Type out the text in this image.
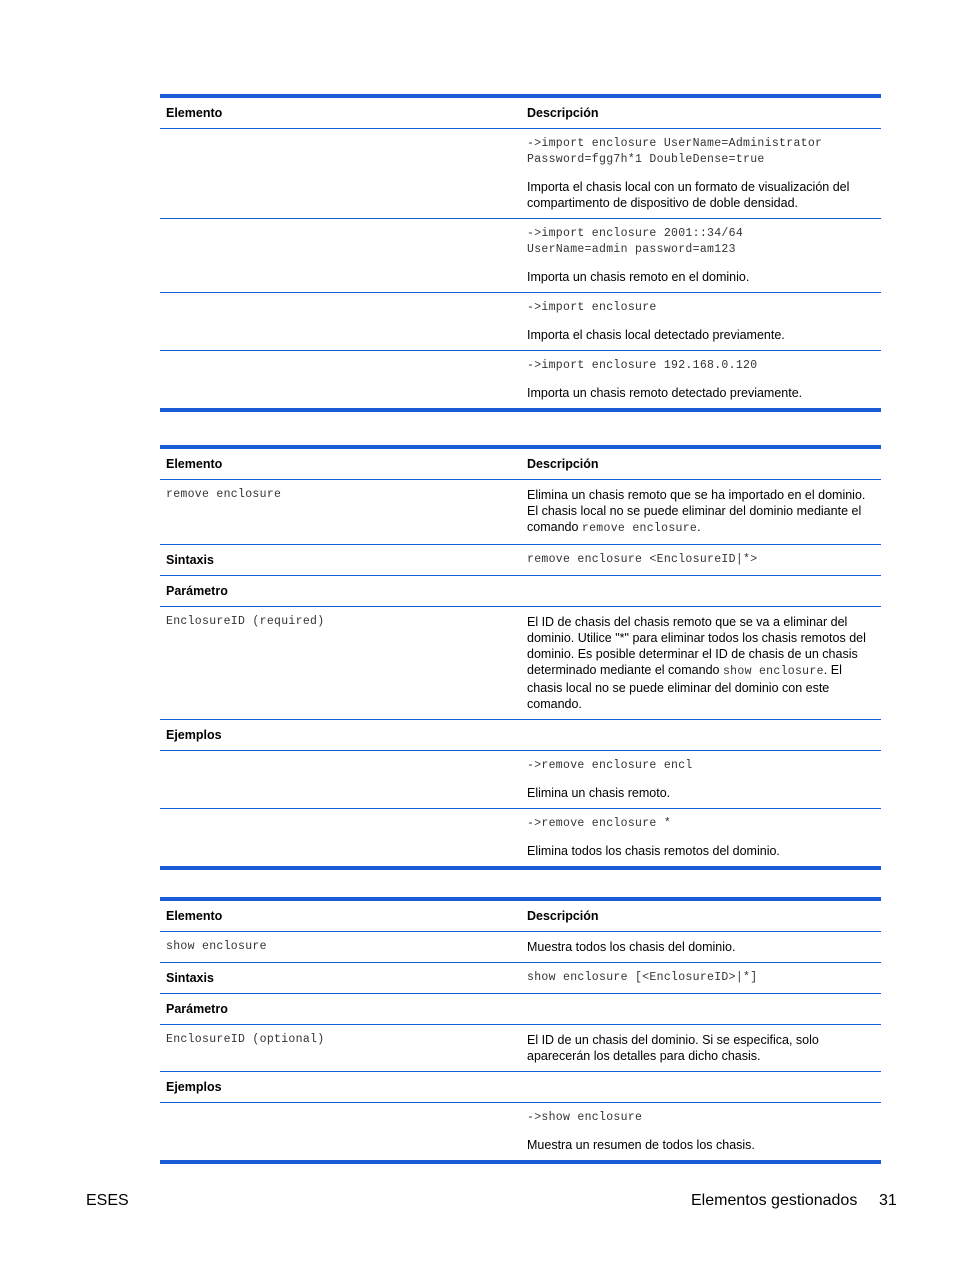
Elemento	Descripción
->import enclosure UserName=Administrator Password=fgg7h*1 DoubleDense=true
Importa el chasis local con un formato de visualización del compartimento de dispositivo de doble densidad.
->import enclosure 2001::34/64 UserName=admin password=am123
Importa un chasis remoto en el dominio.
->import enclosure
Importa el chasis local detectado previamente.
->import enclosure 192.168.0.120
Importa un chasis remoto detectado previamente.
Elemento	Descripción
remove enclosure	Elimina un chasis remoto que se ha importado en el dominio. El chasis local no se puede eliminar del dominio mediante el comando remove enclosure.
Sintaxis	remove enclosure <EnclosureID|*>
Parámetro
EnclosureID (required)	El ID de chasis del chasis remoto que se va a eliminar del dominio. Utilice "*" para eliminar todos los chasis remotos del dominio. Es posible determinar el ID de chasis de un chasis determinado mediante el comando show enclosure. El chasis local no se puede eliminar del dominio con este comando.
Ejemplos
->remove enclosure encl
Elimina un chasis remoto.
->remove enclosure *
Elimina todos los chasis remotos del dominio.
Elemento	Descripción
show enclosure	Muestra todos los chasis del dominio.
Sintaxis	show enclosure [<EnclosureID>|*]
Parámetro
EnclosureID (optional)	El ID de un chasis del dominio. Si se especifica, solo aparecerán los detalles para dicho chasis.
Ejemplos
->show enclosure
Muestra un resumen de todos los chasis.
ESES	Elementos gestionados 31
